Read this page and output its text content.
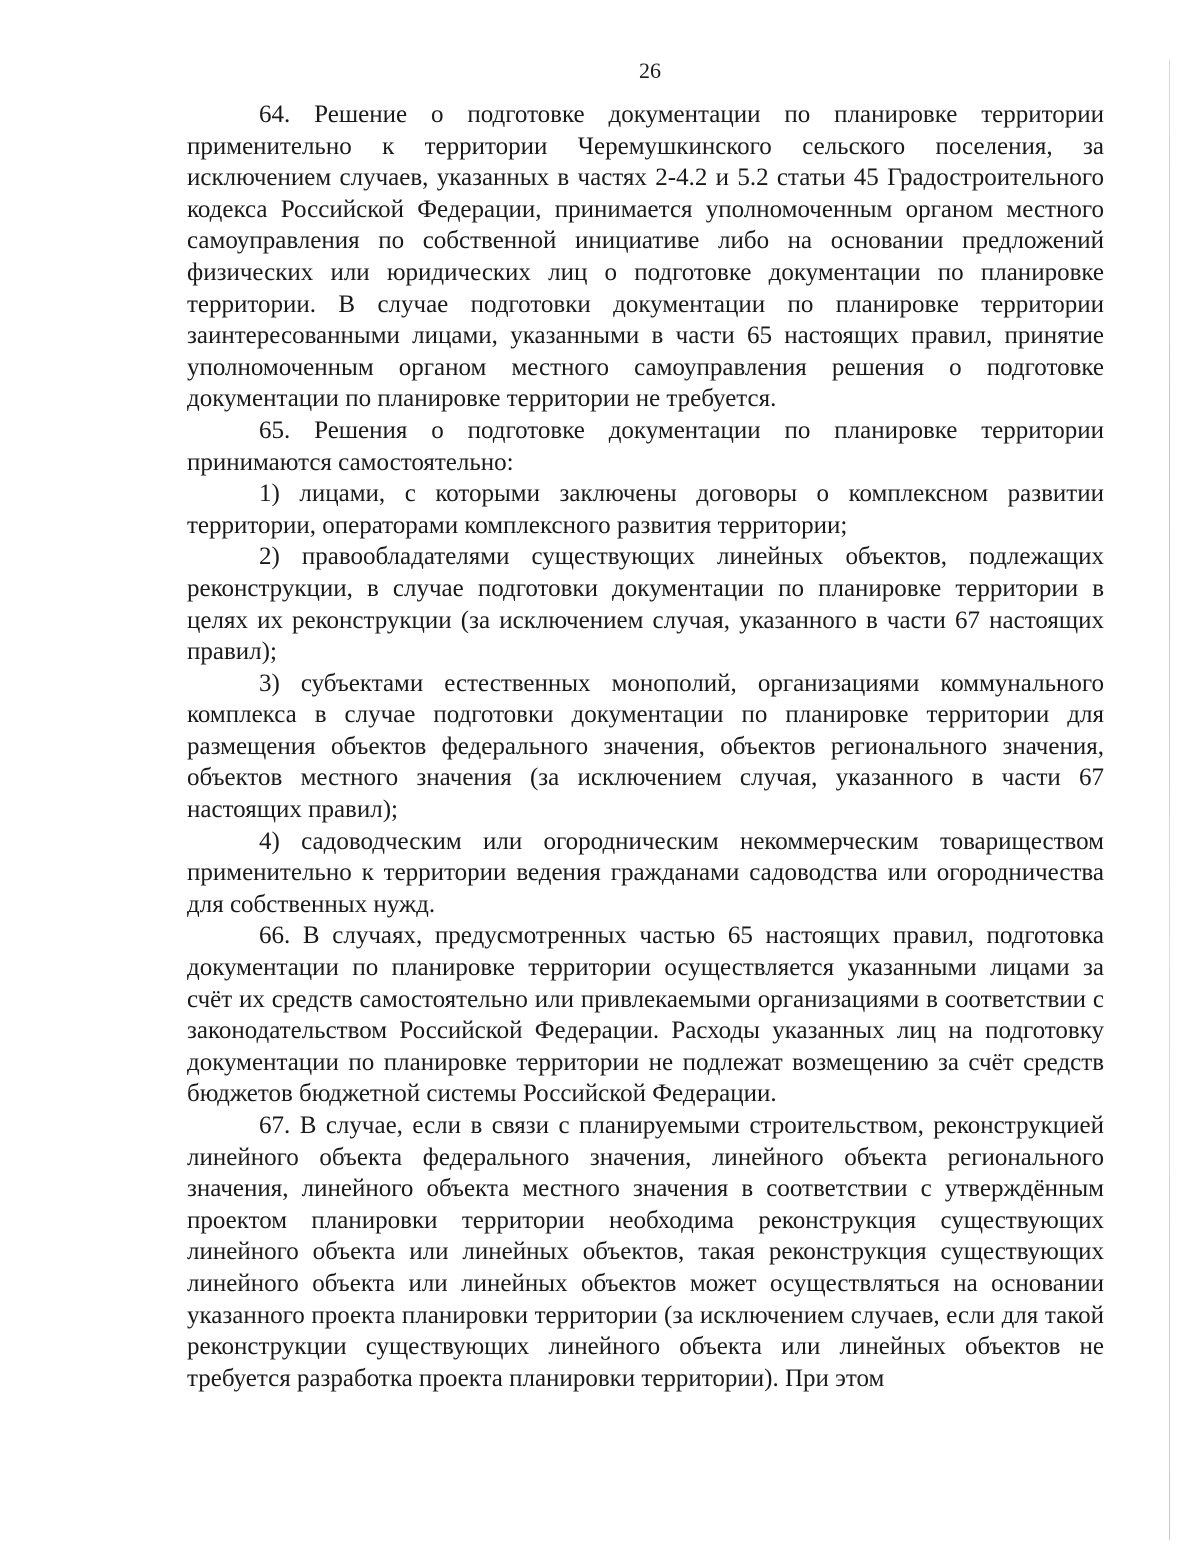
26

64. Решение о подготовке документации по планировке территории применительно к территории Черемушкинского сельского поселения, за исключением случаев, указанных в частях 2-4.2 и 5.2 статьи 45 Градостроительного кодекса Российской Федерации, принимается уполномоченным органом местного самоуправления по собственной инициативе либо на основании предложений физических или юридических лиц о подготовке документации по планировке территории. В случае подготовки документации по планировке территории заинтересованными лицами, указанными в части 65 настоящих правил, принятие уполномоченным органом местного самоуправления решения о подготовке документации по планировке территории не требуется.

65. Решения о подготовке документации по планировке территории принимаются самостоятельно:

1) лицами, с которыми заключены договоры о комплексном развитии территории, операторами комплексного развития территории;

2) правообладателями существующих линейных объектов, подлежащих реконструкции, в случае подготовки документации по планировке территории в целях их реконструкции (за исключением случая, указанного в части 67 настоящих правил);

3) субъектами естественных монополий, организациями коммунального комплекса в случае подготовки документации по планировке территории для размещения объектов федерального значения, объектов регионального значения, объектов местного значения (за исключением случая, указанного в части 67 настоящих правил);

4) садоводческим или огородническим некоммерческим товариществом применительно к территории ведения гражданами садоводства или огородничества для собственных нужд.

66. В случаях, предусмотренных частью 65 настоящих правил, подготовка документации по планировке территории осуществляется указанными лицами за счёт их средств самостоятельно или привлекаемыми организациями в соответствии с законодательством Российской Федерации. Расходы указанных лиц на подготовку документации по планировке территории не подлежат возмещению за счёт средств бюджетов бюджетной системы Российской Федерации.

67. В случае, если в связи с планируемыми строительством, реконструкцией линейного объекта федерального значения, линейного объекта регионального значения, линейного объекта местного значения в соответствии с утверждённым проектом планировки территории необходима реконструкция существующих линейного объекта или линейных объектов, такая реконструкция существующих линейного объекта или линейных объектов может осуществляться на основании указанного проекта планировки территории (за исключением случаев, если для такой реконструкции существующих линейного объекта или линейных объектов не требуется разработка проекта планировки территории). При этом
